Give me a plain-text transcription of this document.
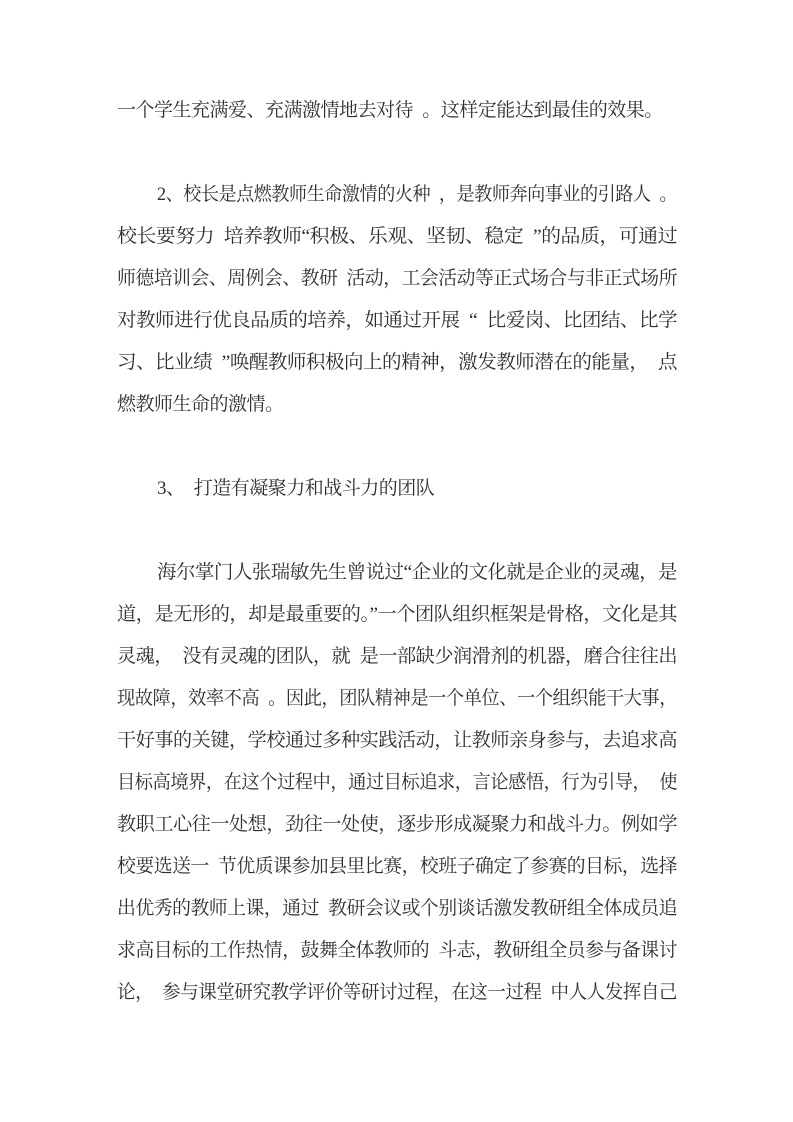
一个学生充满爱、充满激情地去对待 。这样定能达到最佳的效果。
2、校长是点燃教师生命激情的火种 ，是教师奔向事业的引路人 。
校长要努力 培养教师“积极、乐观、坚韧、稳定 ”的品质，可通过
师德培训会、周例会、教研 活动，工会活动等正式场合与非正式场所
对教师进行优良品质的培养，如通过开展 “ 比爱岗、比团结、比学
习、比业绩 ”唤醒教师积极向上的精神，激发教师潜在的能量， 点
燃教师生命的激情。
3、 打造有凝聚力和战斗力的团队
海尔掌门人张瑞敏先生曾说过“企业的文化就是企业的灵魂，是
道，是无形的，却是最重要的。”一个团队组织框架是骨格，文化是其
灵魂， 没有灵魂的团队，就 是一部缺少润滑剂的机器，磨合往往出
现故障，效率不高 。因此，团队精神是一个单位、一个组织能干大事，
干好事的关键，学校通过多种实践活动，让教师亲身参与，去追求高
目标高境界，在这个过程中，通过目标追求，言论感悟，行为引导， 使
教职工心往一处想，劲往一处使，逐步形成凝聚力和战斗力。例如学
校要选送一 节优质课参加县里比赛，校班子确定了参赛的目标，选择
出优秀的教师上课，通过 教研会议或个别谈话激发教研组全体成员追
求高目标的工作热情，鼓舞全体教师的 斗志，教研组全员参与备课讨
论， 参与课堂研究教学评价等研讨过程，在这一过程 中人人发挥自己
